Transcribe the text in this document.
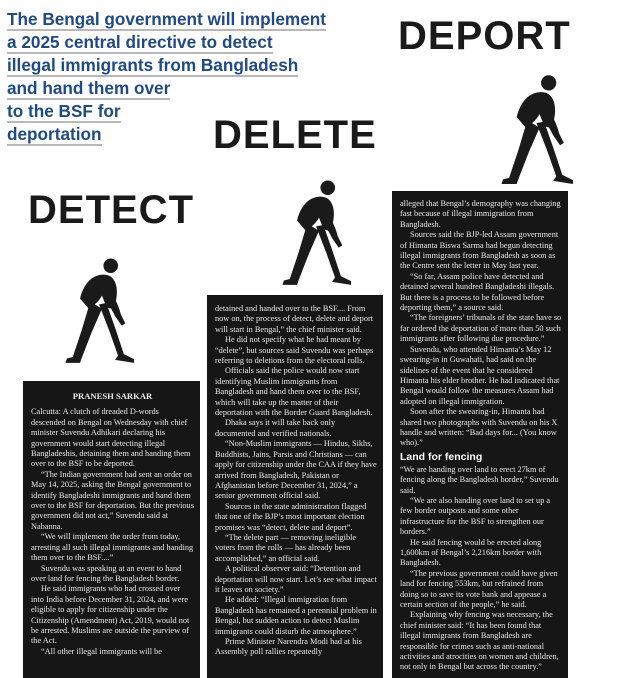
The Bengal government will implement
a 2025 central directive to detect
illegal immigrants from Bangladesh
and hand them over
to the BSF for
deportation
DETECT
DELETE
DEPORT

PRANESH SARKAR

Calcutta: A clutch of dreaded D-words descended on Bengal on Wednesday with chief minister Suvendu Adhikari declaring his government would start detecting illegal Bangladeshis, detaining them and handing them over to the BSF to be deported.

“The Indian government had sent an order on May 14, 2025, asking the Bengal government to identify Bangladeshi immigrants and hand them over to the BSF for deportation. But the previous government did not act,” Suvendu said at Nabanna.

“We will implement the order from today, arresting all such illegal immigrants and handing them over to the BSF....”

Suvendu was speaking at an event to hand over land for fencing the Bangladesh border.

He said immigrants who had crossed over into India before December 31, 2024, and were eligible to apply for citizenship under the Citizenship (Amendment) Act, 2019, would not be arrested. Muslims are outside the purview of the Act.

“All other illegal immigrants will be

detained and handed over to the BSF.... From now on, the process of detect, delete and deport will start in Bengal,” the chief minister said.

He did not specify what he had meant by “delete”, but sources said Suvendu was perhaps referring to deletions from the electoral rolls.

Officials said the police would now start identifying Muslim immigrants from Bangladesh and hand them over to the BSF, which will take up the matter of their deportation with the Border Guard Bangladesh.

Dhaka says it will take back only documented and verified nationals.

“Non-Muslim immigrants — Hindus, Sikhs, Buddhists, Jains, Parsis and Christians — can apply for citizenship under the CAA if they have arrived from Bangladesh, Pakistan or Afghanistan before December 31, 2024,” a senior government official said.

Sources in the state administration flagged that one of the BJP’s most important election promises was “detect, delete and deport”.

“The delete part — removing ineligible voters from the rolls — has already been accomplished,” an official said.

A political observer said: “Detention and deportation will now start. Let’s see what impact it leaves on society.”

He added: “Illegal immigration from Bangladesh has remained a perennial problem in Bengal, but sudden action to detect Muslim immigrants could disturb the atmosphere.”

Prime Minister Narendra Modi had at his Assembly poll rallies repeatedly

alleged that Bengal’s demography was changing fast because of illegal immigration from Bangladesh.

Sources said the BJP-led Assam government of Himanta Biswa Sarma had begun detecting illegal immigrants from Bangladesh as soon as the Centre sent the letter in May last year.

“So far, Assam police have detected and detained several hundred Bangladeshi illegals. But there is a process to be followed before deporting them,” a source said.

“The foreigners’ tribunals of the state have so far ordered the deportation of more than 50 such immigrants after following due procedure.”

Suvendu, who attended Himanta’s May 12 swearing-in in Guwahati, had said on the sidelines of the event that he considered Himanta his elder brother. He had indicated that Bengal would follow the measures Assam had adopted on illegal immigration.

Soon after the swearing-in, Himanta had shared two photographs with Suvendu on his X handle and written: “Bad days for... (You know who).”

Land for fencing

“We are handing over land to erect 27km of fencing along the Bangladesh border,” Suvendu said.

“We are also handing over land to set up a few border outposts and some other infrastructure for the BSF to strengthen our borders.”

He said fencing would be erected along 1,600km of Bengal’s 2,216km border with Bangladesh.

“The previous government could have given land for fencing 553km, but refrained from doing so to save its vote bank and appease a certain section of the people,” he said.

Explaining why fencing was necessary, the chief minister said: “It has been found that illegal immigrants from Bangladesh are responsible for crimes such as anti-national activities and atrocities on women and children, not only in Bengal but across the country.”
